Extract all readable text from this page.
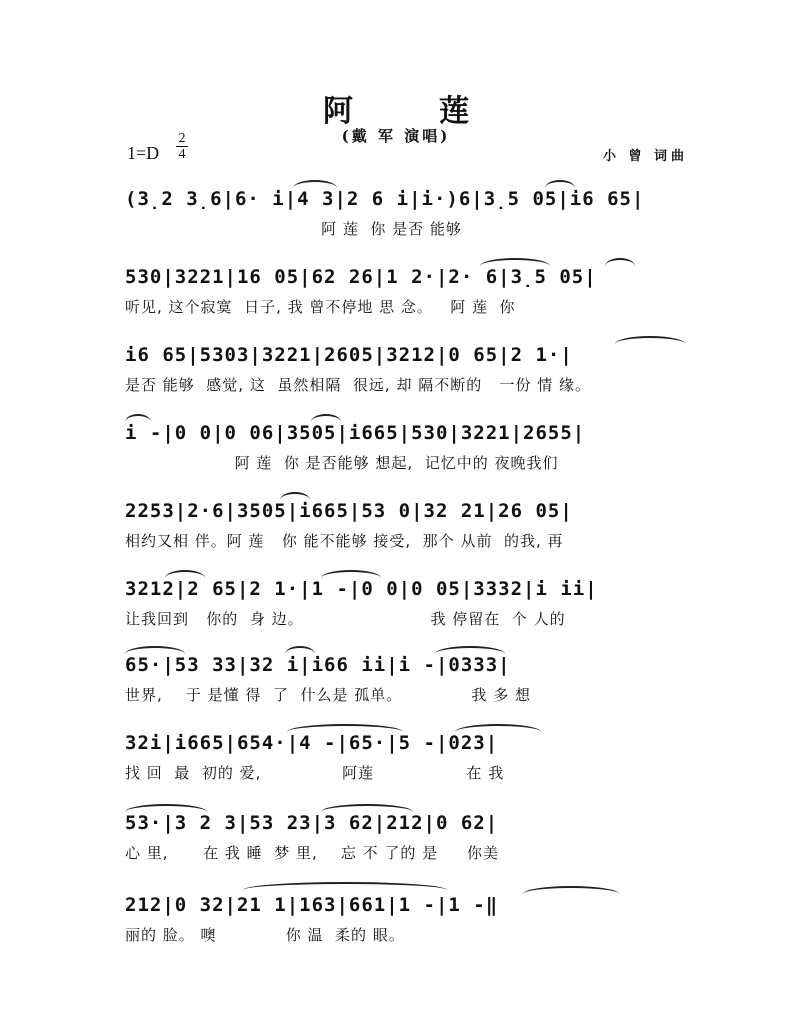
阿　莲
(戴 军 演唱)
1=D
2
4	小 曾 词曲
(3̣2 3̣6|6· i|4 3|2 6 i|i·)6|3̣5 05|i6 65|
阿 莲  你 是否 能够
530|3221|16 05|62 26|1 2·|2· 6|3̣5 05|
听见, 这个寂寞  日子, 我 曾不停地 思 念。   阿 莲  你
i6 65|5303|3221|2605|3212|0 65|2 1·|
是否 能够  感觉, 这  虽然相隔  很远, 却 隔不断的   一份 情 缘。
i -|0 0|0 06|3505|i665|530|3221|2655|
阿 莲  你 是否能够 想起,  记忆中的 夜晚我们
2253|2·6|3505|i665|53 0|32 21|26 05|
相约又相 伴。阿 莲   你 能不能够 接受,  那个 从前  的我, 再
3212|2 65|2 1·|1 -|0 0|0 05|3332|i ii|
让我回到   你的  身 边。                      我 停留在  个 人的
65·|53 33|32 i|i66 ii|i -|0333|
世界,    于 是懂 得  了  什么是 孤单。            我 多 想
32i|i665|654·|4 -|65·|5 -|023|
找 回  最  初的 爱,              阿莲                在 我
53·|3 2 3|53 23|3 62|212|0 62|
心 里,      在 我 睡  梦 里,    忘 不 了的 是     你美
212|0 32|21 1|163|661|1 -|1 -‖
丽的 脸。 噢            你 温  柔的 眼。
